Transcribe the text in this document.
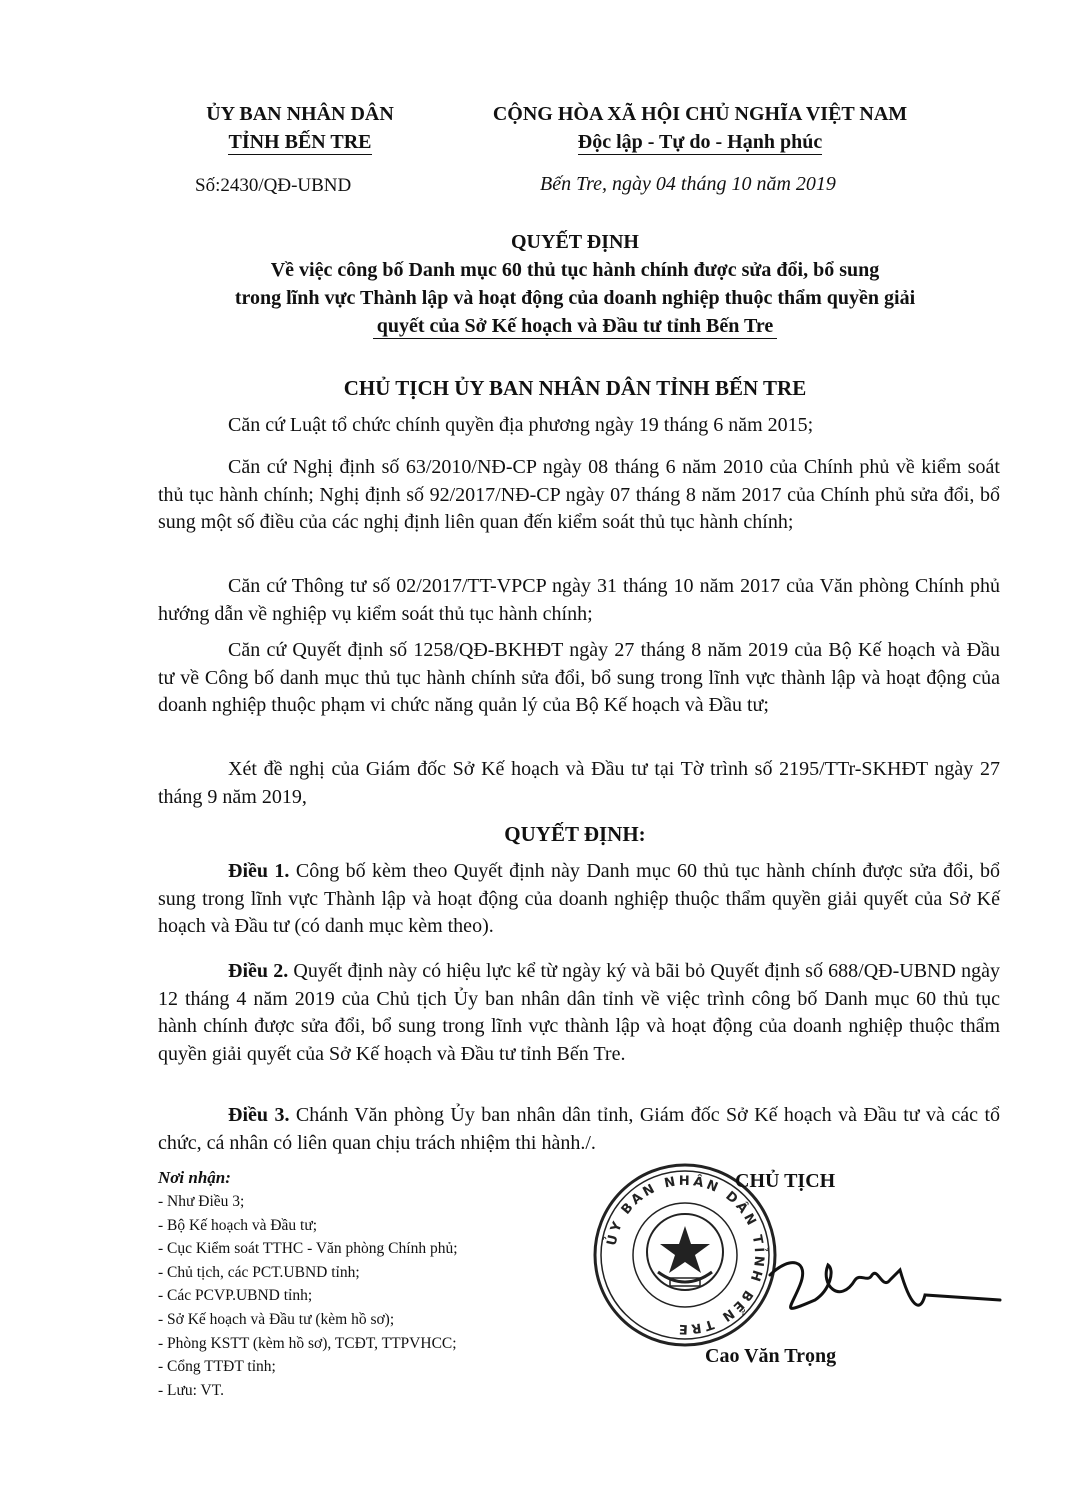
ỦY BAN NHÂN DÂN
TỈNH BẾN TRE
CỘNG HÒA XÃ HỘI CHỦ NGHĨA VIỆT NAM
Độc lập - Tự do - Hạnh phúc
Số:2430/QĐ-UBND	Bến Tre, ngày 04 tháng 10 năm 2019
QUYẾT ĐỊNH
Về việc công bố Danh mục 60 thủ tục hành chính được sửa đổi, bổ sung
trong lĩnh vực Thành lập và hoạt động của doanh nghiệp thuộc thẩm quyền giải
quyết của Sở Kế hoạch và Đầu tư tỉnh Bến Tre
CHỦ TỊCH ỦY BAN NHÂN DÂN TỈNH BẾN TRE

Căn cứ Luật tổ chức chính quyền địa phương ngày 19 tháng 6 năm 2015;

Căn cứ Nghị định số 63/2010/NĐ-CP ngày 08 tháng 6 năm 2010 của Chính phủ về kiểm soát thủ tục hành chính; Nghị định số 92/2017/NĐ-CP ngày 07 tháng 8 năm 2017 của Chính phủ sửa đổi, bổ sung một số điều của các nghị định liên quan đến kiểm soát thủ tục hành chính;

Căn cứ Thông tư số 02/2017/TT-VPCP ngày 31 tháng 10 năm 2017 của Văn phòng Chính phủ hướng dẫn về nghiệp vụ kiểm soát thủ tục hành chính;

Căn cứ Quyết định số 1258/QĐ-BKHĐT ngày 27 tháng 8 năm 2019 của Bộ Kế hoạch và Đầu tư về Công bố danh mục thủ tục hành chính sửa đổi, bổ sung trong lĩnh vực thành lập và hoạt động của doanh nghiệp thuộc phạm vi chức năng quản lý của Bộ Kế hoạch và Đầu tư;

Xét đề nghị của Giám đốc Sở Kế hoạch và Đầu tư tại Tờ trình số 2195/TTr-SKHĐT ngày 27 tháng 9 năm 2019,

QUYẾT ĐỊNH:

Điều 1. Công bố kèm theo Quyết định này Danh mục 60 thủ tục hành chính được sửa đổi, bổ sung trong lĩnh vực Thành lập và hoạt động của doanh nghiệp thuộc thẩm quyền giải quyết của Sở Kế hoạch và Đầu tư (có danh mục kèm theo).

Điều 2. Quyết định này có hiệu lực kể từ ngày ký và bãi bỏ Quyết định số 688/QĐ-UBND ngày 12 tháng 4 năm 2019 của Chủ tịch Ủy ban nhân dân tỉnh về việc trình công bố Danh mục 60 thủ tục hành chính được sửa đổi, bổ sung trong lĩnh vực thành lập và hoạt động của doanh nghiệp thuộc thẩm quyền giải quyết của Sở Kế hoạch và Đầu tư tỉnh Bến Tre.

Điều 3. Chánh Văn phòng Ủy ban nhân dân tỉnh, Giám đốc Sở Kế hoạch và Đầu tư và các tổ chức, cá nhân có liên quan chịu trách nhiệm thi hành./.

Nơi nhận:
- Như Điều 3;
- Bộ Kế hoạch và Đầu tư;
- Cục Kiểm soát TTHC - Văn phòng Chính phủ;
- Chủ tịch, các PCT.UBND tỉnh;
- Các PCVP.UBND tỉnh;
- Sở Kế hoạch và Đầu tư (kèm hồ sơ);
- Phòng KSTT (kèm hồ sơ), TCĐT, TTPVHCC;
- Cổng TTĐT tỉnh;
- Lưu: VT.
ỦY BAN NHÂN DÂN TỈNH BẾN TRE
CHỦ TỊCH
Cao Văn Trọng
